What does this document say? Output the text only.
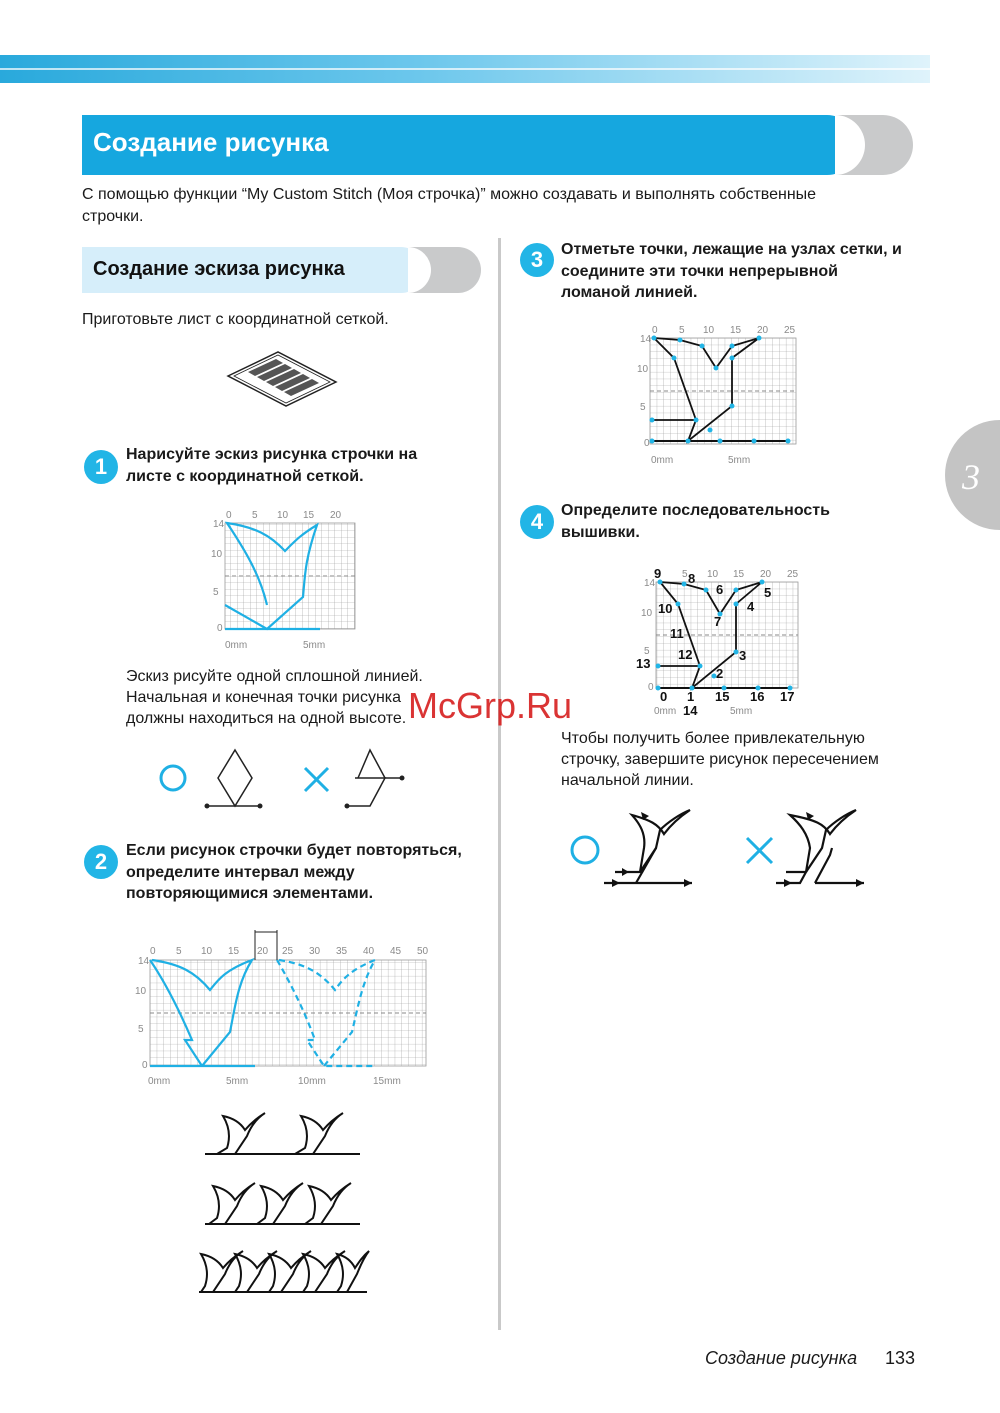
Создание рисунка
С помощью функции “My Custom Stitch (Моя строчка)” можно создавать и выполнять собственные строчки.
Создание эскиза рисунка
Приготовьте лист с координатной сеткой.
1	Нарисуйте эскиз рисунка строчки на листе с координатной сеткой.
0 5 10 15 20
14
10
5
0
0mm	5mm
Эскиз рисуйте одной сплошной линией. Начальная и конечная точки рисунка должны находиться на одной высоте.
2	Если рисунок строчки будет повторяться, определите интервал между повторяющимися элементами.
0 5 10 15 20 25 30 35 40 45 50
14
10
5
0
0mm	5mm	10mm	15mm
3	Отметьте точки, лежащие на узлах сетки, и соедините эти точки непрерывной ломаной линией.
0 5 10 15 20 25
14
10
5
0
0mm	5mm	3
4	Определите последовательность вышивки.
5 10 15 20 25
14
10
5
0
0mm	5mm
9 8
6	5
4
10
7
11
12	3
2
13
0 1 15 16 17
14
Чтобы получить более привлекательную строчку, завершите рисунок пересечением начальной линии.
McGrp.Ru
Создание рисунка 133
